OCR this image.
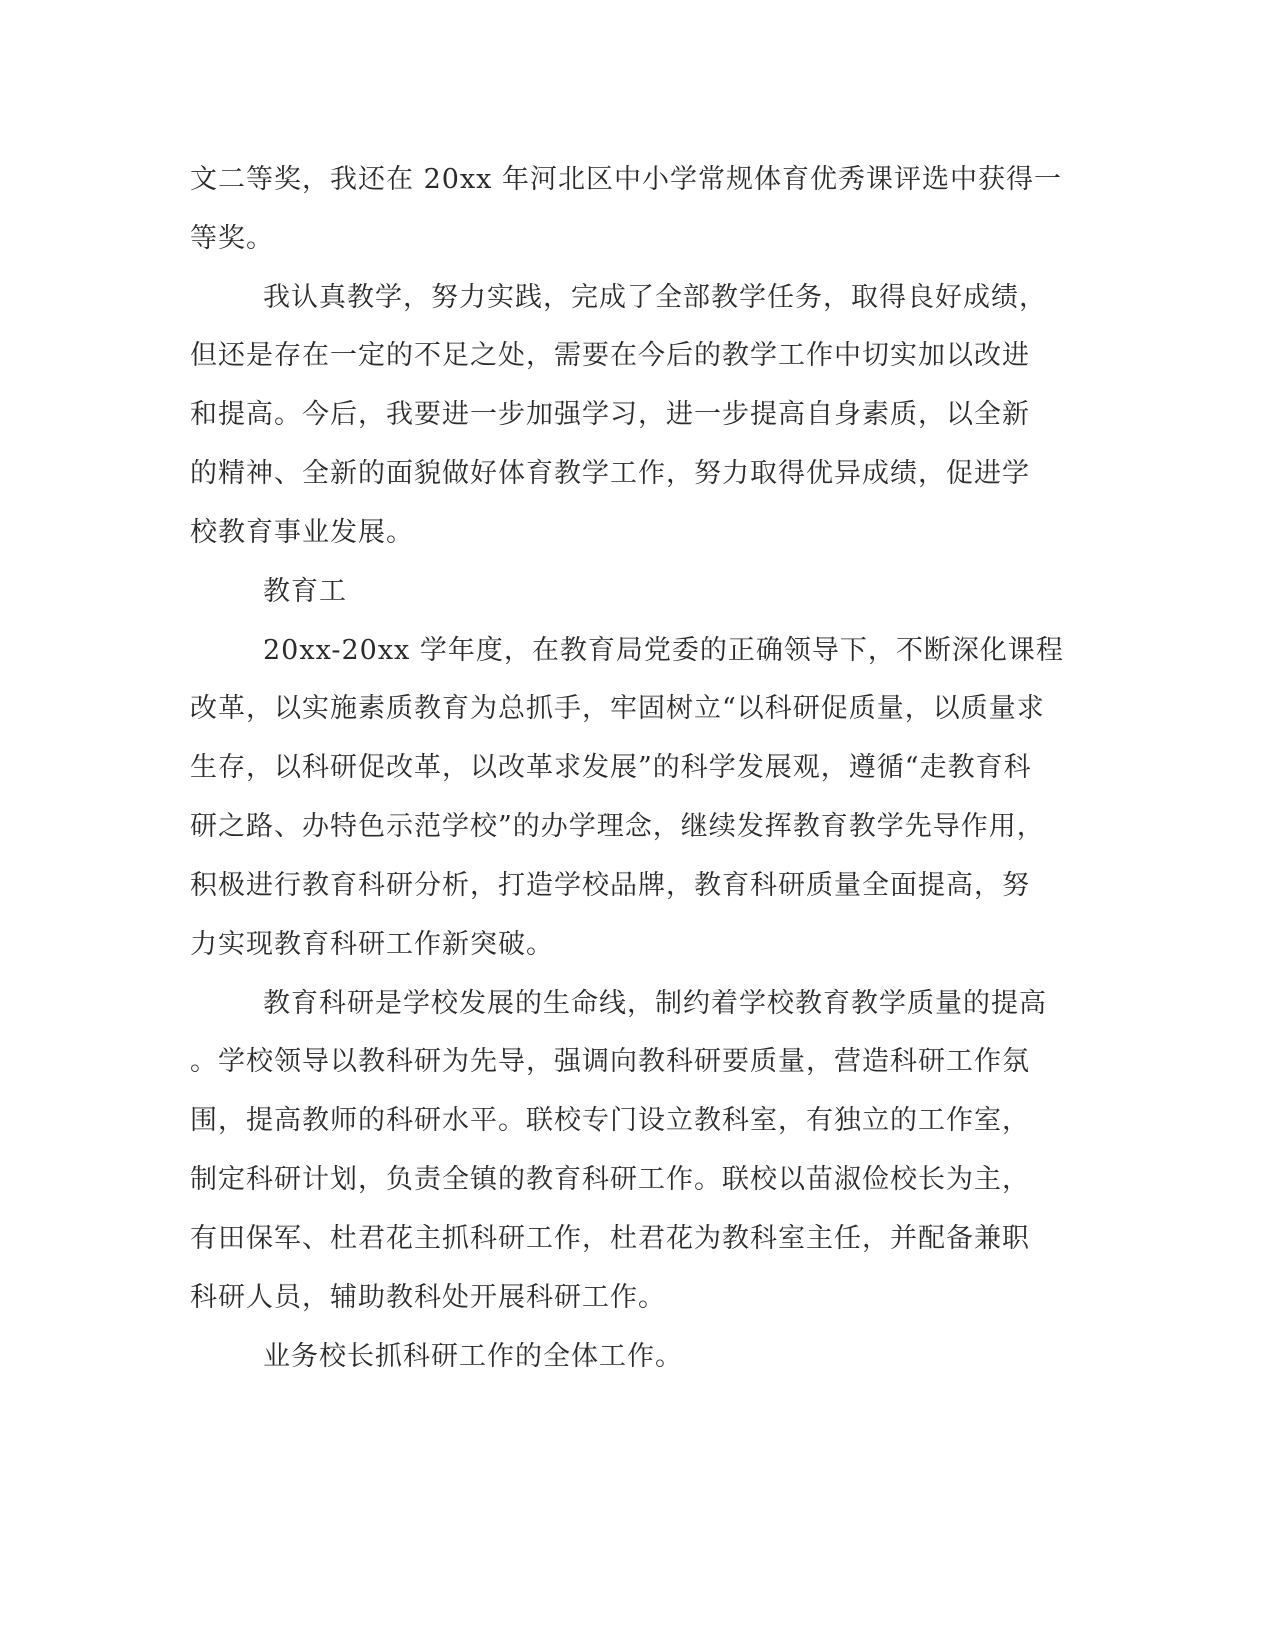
文二等奖，我还在 20xx 年河北区中小学常规体育优秀课评选中获得一
等奖。
我认真教学，努力实践，完成了全部教学任务，取得良好成绩，
但还是存在一定的不足之处，需要在今后的教学工作中切实加以改进
和提高。今后，我要进一步加强学习，进一步提高自身素质，以全新
的精神、全新的面貌做好体育教学工作，努力取得优异成绩，促进学
校教育事业发展。
教育工
20xx-20xx 学年度，在教育局党委的正确领导下，不断深化课程
改革，以实施素质教育为总抓手，牢固树立“以科研促质量，以质量求
生存，以科研促改革，以改革求发展”的科学发展观，遵循“走教育科
研之路、办特色示范学校”的办学理念，继续发挥教育教学先导作用，
积极进行教育科研分析，打造学校品牌，教育科研质量全面提高，努
力实现教育科研工作新突破。
教育科研是学校发展的生命线，制约着学校教育教学质量的提高
。学校领导以教科研为先导，强调向教科研要质量，营造科研工作氛
围，提高教师的科研水平。联校专门设立教科室，有独立的工作室，
制定科研计划，负责全镇的教育科研工作。联校以苗淑俭校长为主，
有田保军、杜君花主抓科研工作，杜君花为教科室主任，并配备兼职
科研人员，辅助教科处开展科研工作。
业务校长抓科研工作的全体工作。
